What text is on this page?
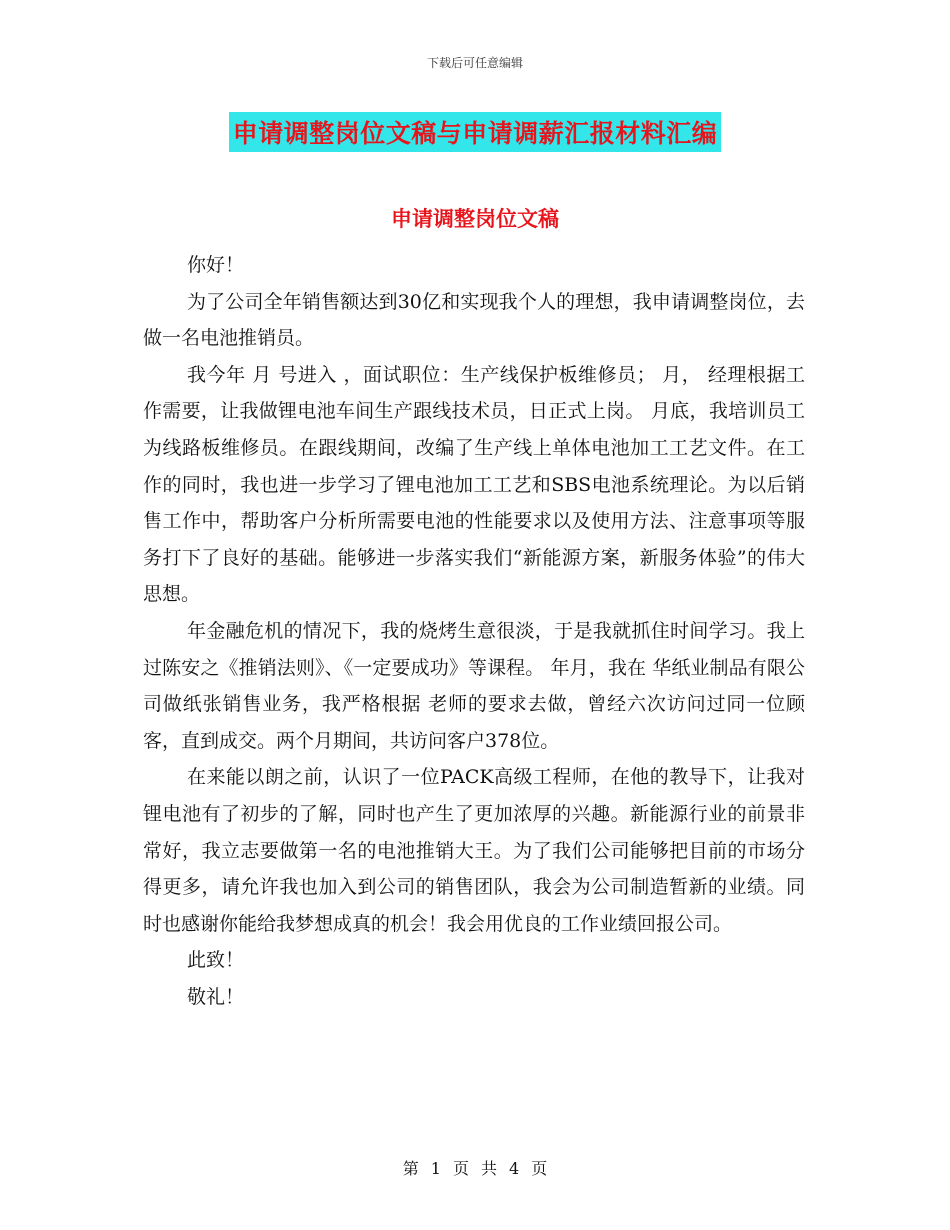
下载后可任意编辑
申请调整岗位文稿与申请调薪汇报材料汇编
申请调整岗位文稿

你好！

为了公司全年销售额达到30亿和实现我个人的理想，我申请调整岗位，去做一名电池推销员。

我今年 月 号进入 ，面试职位：生产线保护板维修员； 月， 经理根据工作需要，让我做锂电池车间生产跟线技术员，日正式上岗。 月底，我培训员工 为线路板维修员。在跟线期间，改编了生产线上单体电池加工工艺文件。在工作的同时，我也进一步学习了锂电池加工工艺和SBS电池系统理论。为以后销售工作中，帮助客户分析所需要电池的性能要求以及使用方法、注意事项等服务打下了良好的基础。能够进一步落实我们“新能源方案，新服务体验”的伟大思想。

年金融危机的情况下，我的烧烤生意很淡，于是我就抓住时间学习。我上过陈安之《推销法则》、《一定要成功》等课程。 年月，我在 华纸业制品有限公司做纸张销售业务，我严格根据 老师的要求去做，曾经六次访问过同一位顾客，直到成交。两个月期间，共访问客户378位。

在来能以朗之前，认识了一位PACK高级工程师，在他的教导下，让我对锂电池有了初步的了解，同时也产生了更加浓厚的兴趣。新能源行业的前景非常好，我立志要做第一名的电池推销大王。为了我们公司能够把目前的市场分得更多，请允许我也加入到公司的销售团队，我会为公司制造暂新的业绩。同时也感谢你能给我梦想成真的机会！我会用优良的工作业绩回报公司。

此致！

敬礼！

第 1 页 共 4 页
